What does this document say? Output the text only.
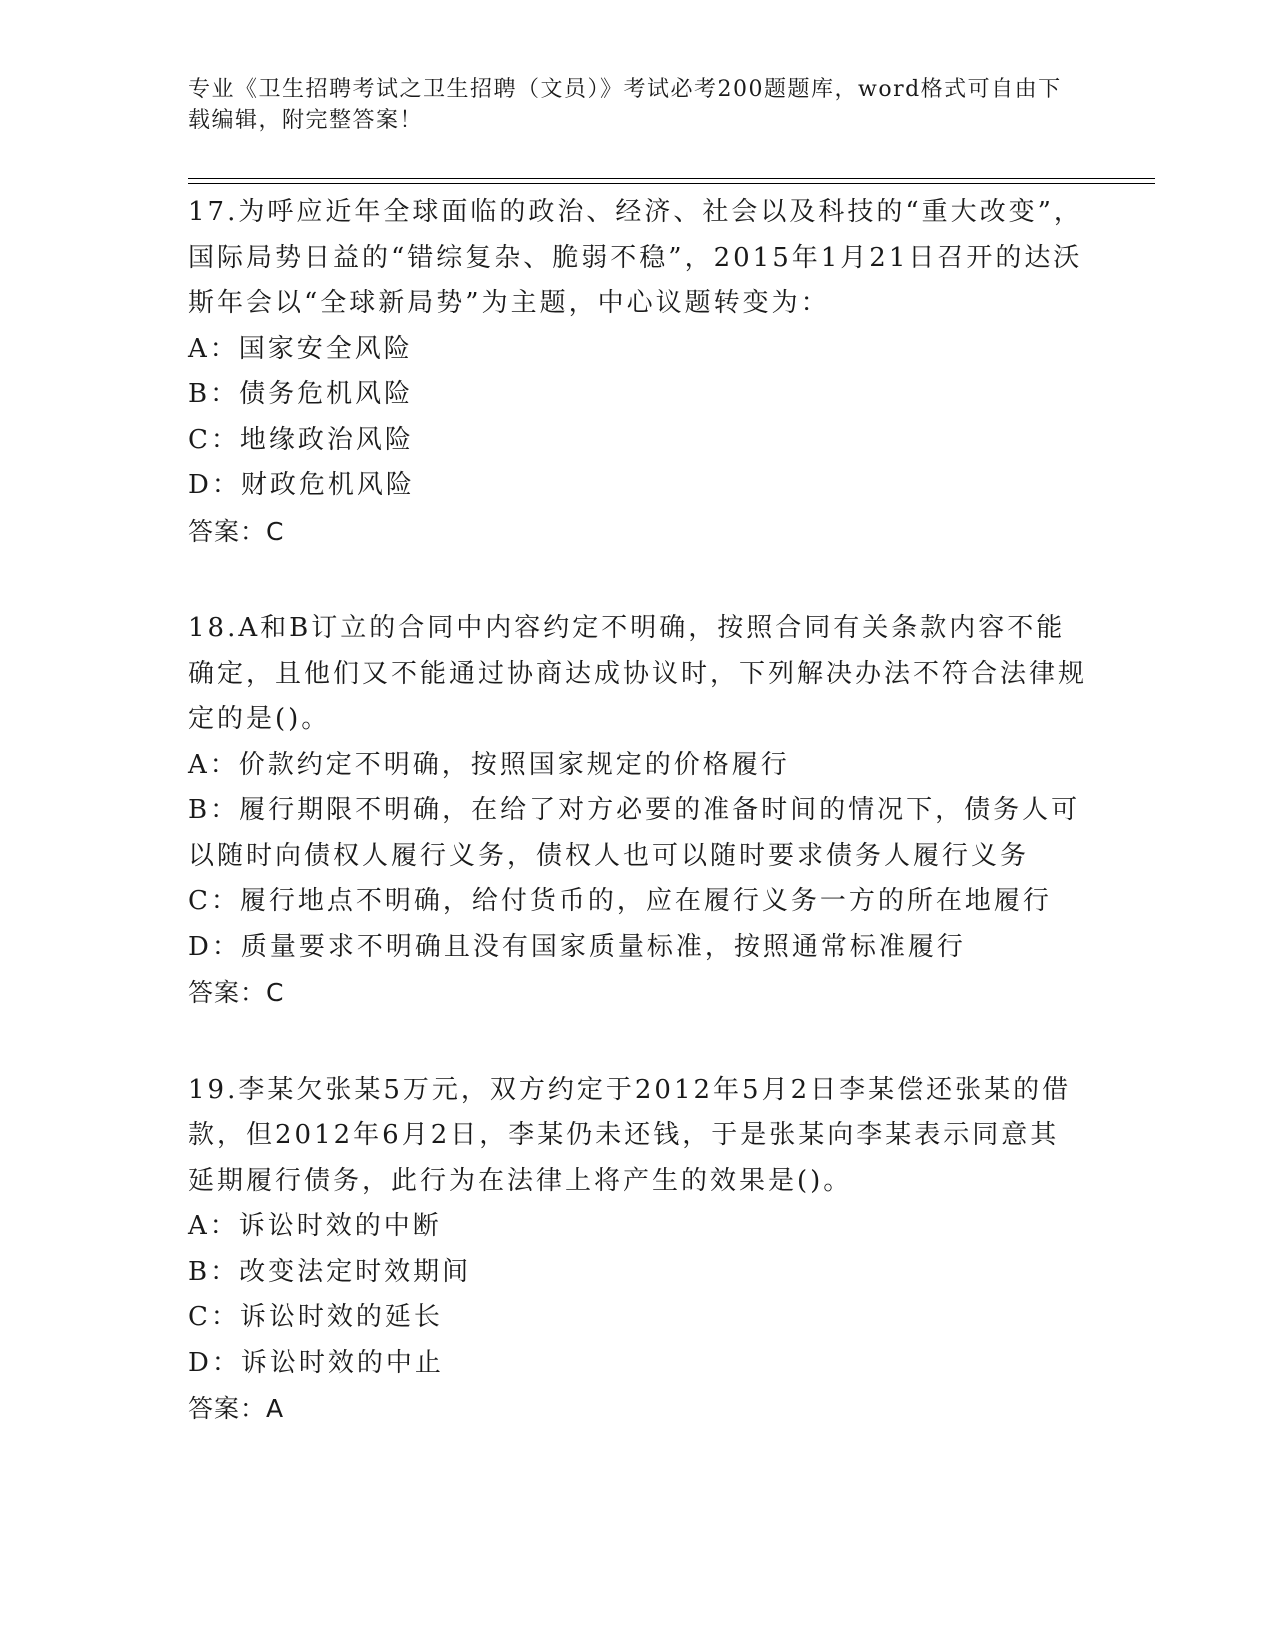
专业《卫生招聘考试之卫生招聘（文员）》考试必考200题题库，word格式可自由下载编辑，附完整答案！

17.为呼应近年全球面临的政治、经济、社会以及科技的“重大改变”，国际局势日益的“错综复杂、脆弱不稳”，2015年1月21日召开的达沃斯年会以“全球新局势”为主题，中心议题转变为：

A：国家安全风险

B：债务危机风险

C：地缘政治风险

D：财政危机风险

答案：C

18.A和B订立的合同中内容约定不明确，按照合同有关条款内容不能确定，且他们又不能通过协商达成协议时，下列解决办法不符合法律规定的是()。

A：价款约定不明确，按照国家规定的价格履行

B：履行期限不明确，在给了对方必要的准备时间的情况下，债务人可以随时向债权人履行义务，债权人也可以随时要求债务人履行义务

C：履行地点不明确，给付货币的，应在履行义务一方的所在地履行

D：质量要求不明确且没有国家质量标准，按照通常标准履行

答案：C

19.李某欠张某5万元，双方约定于2012年5月2日李某偿还张某的借款，但2012年6月2日，李某仍未还钱，于是张某向李某表示同意其延期履行债务，此行为在法律上将产生的效果是()。

A：诉讼时效的中断

B：改变法定时效期间

C：诉讼时效的延长

D：诉讼时效的中止

答案：A
